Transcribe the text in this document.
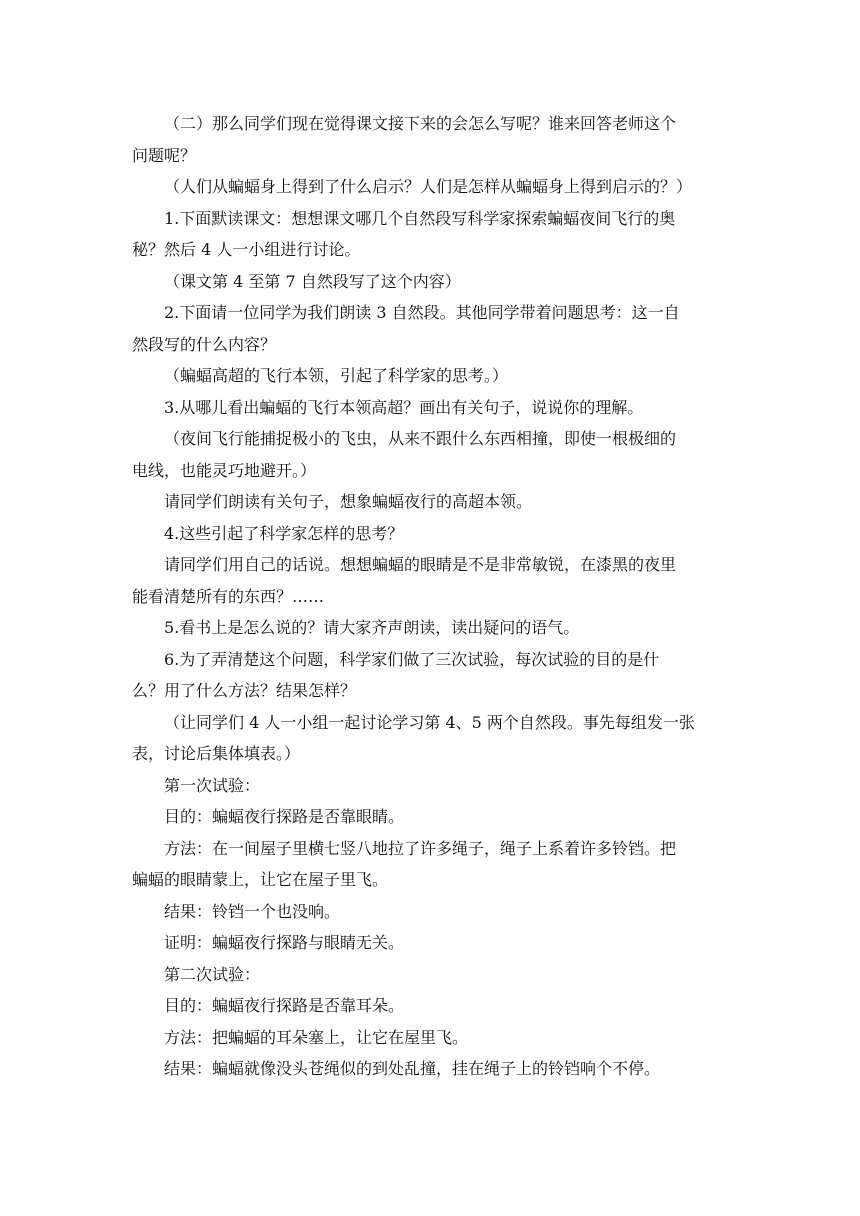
（二）那么同学们现在觉得课文接下来的会怎么写呢？谁来回答老师这个
问题呢？

（人们从蝙蝠身上得到了什么启示？人们是怎样从蝙蝠身上得到启示的？）

1.下面默读课文：想想课文哪几个自然段写科学家探索蝙蝠夜间飞行的奥
秘？然后 4 人一小组进行讨论。

（课文第 4 至第 7 自然段写了这个内容）

2.下面请一位同学为我们朗读 3 自然段。其他同学带着问题思考：这一自
然段写的什么内容？

（蝙蝠高超的飞行本领，引起了科学家的思考。）

3.从哪儿看出蝙蝠的飞行本领高超？画出有关句子，说说你的理解。

（夜间飞行能捕捉极小的飞虫，从来不跟什么东西相撞，即使一根极细的
电线，也能灵巧地避开。）

请同学们朗读有关句子，想象蝙蝠夜行的高超本领。

4.这些引起了科学家怎样的思考？

请同学们用自己的话说。想想蝙蝠的眼睛是不是非常敏锐，在漆黑的夜里
能看清楚所有的东西？……

5.看书上是怎么说的？请大家齐声朗读，读出疑问的语气。

6.为了弄清楚这个问题，科学家们做了三次试验，每次试验的目的是什
么？用了什么方法？结果怎样？

（让同学们 4 人一小组一起讨论学习第 4、5 两个自然段。事先每组发一张
表，讨论后集体填表。）

第一次试验：

目的：蝙蝠夜行探路是否靠眼睛。

方法：在一间屋子里横七竖八地拉了许多绳子，绳子上系着许多铃铛。把
蝙蝠的眼睛蒙上，让它在屋子里飞。

结果：铃铛一个也没响。

证明：蝙蝠夜行探路与眼睛无关。

第二次试验：

目的：蝙蝠夜行探路是否靠耳朵。

方法：把蝙蝠的耳朵塞上，让它在屋里飞。

结果：蝙蝠就像没头苍绳似的到处乱撞，挂在绳子上的铃铛响个不停。
